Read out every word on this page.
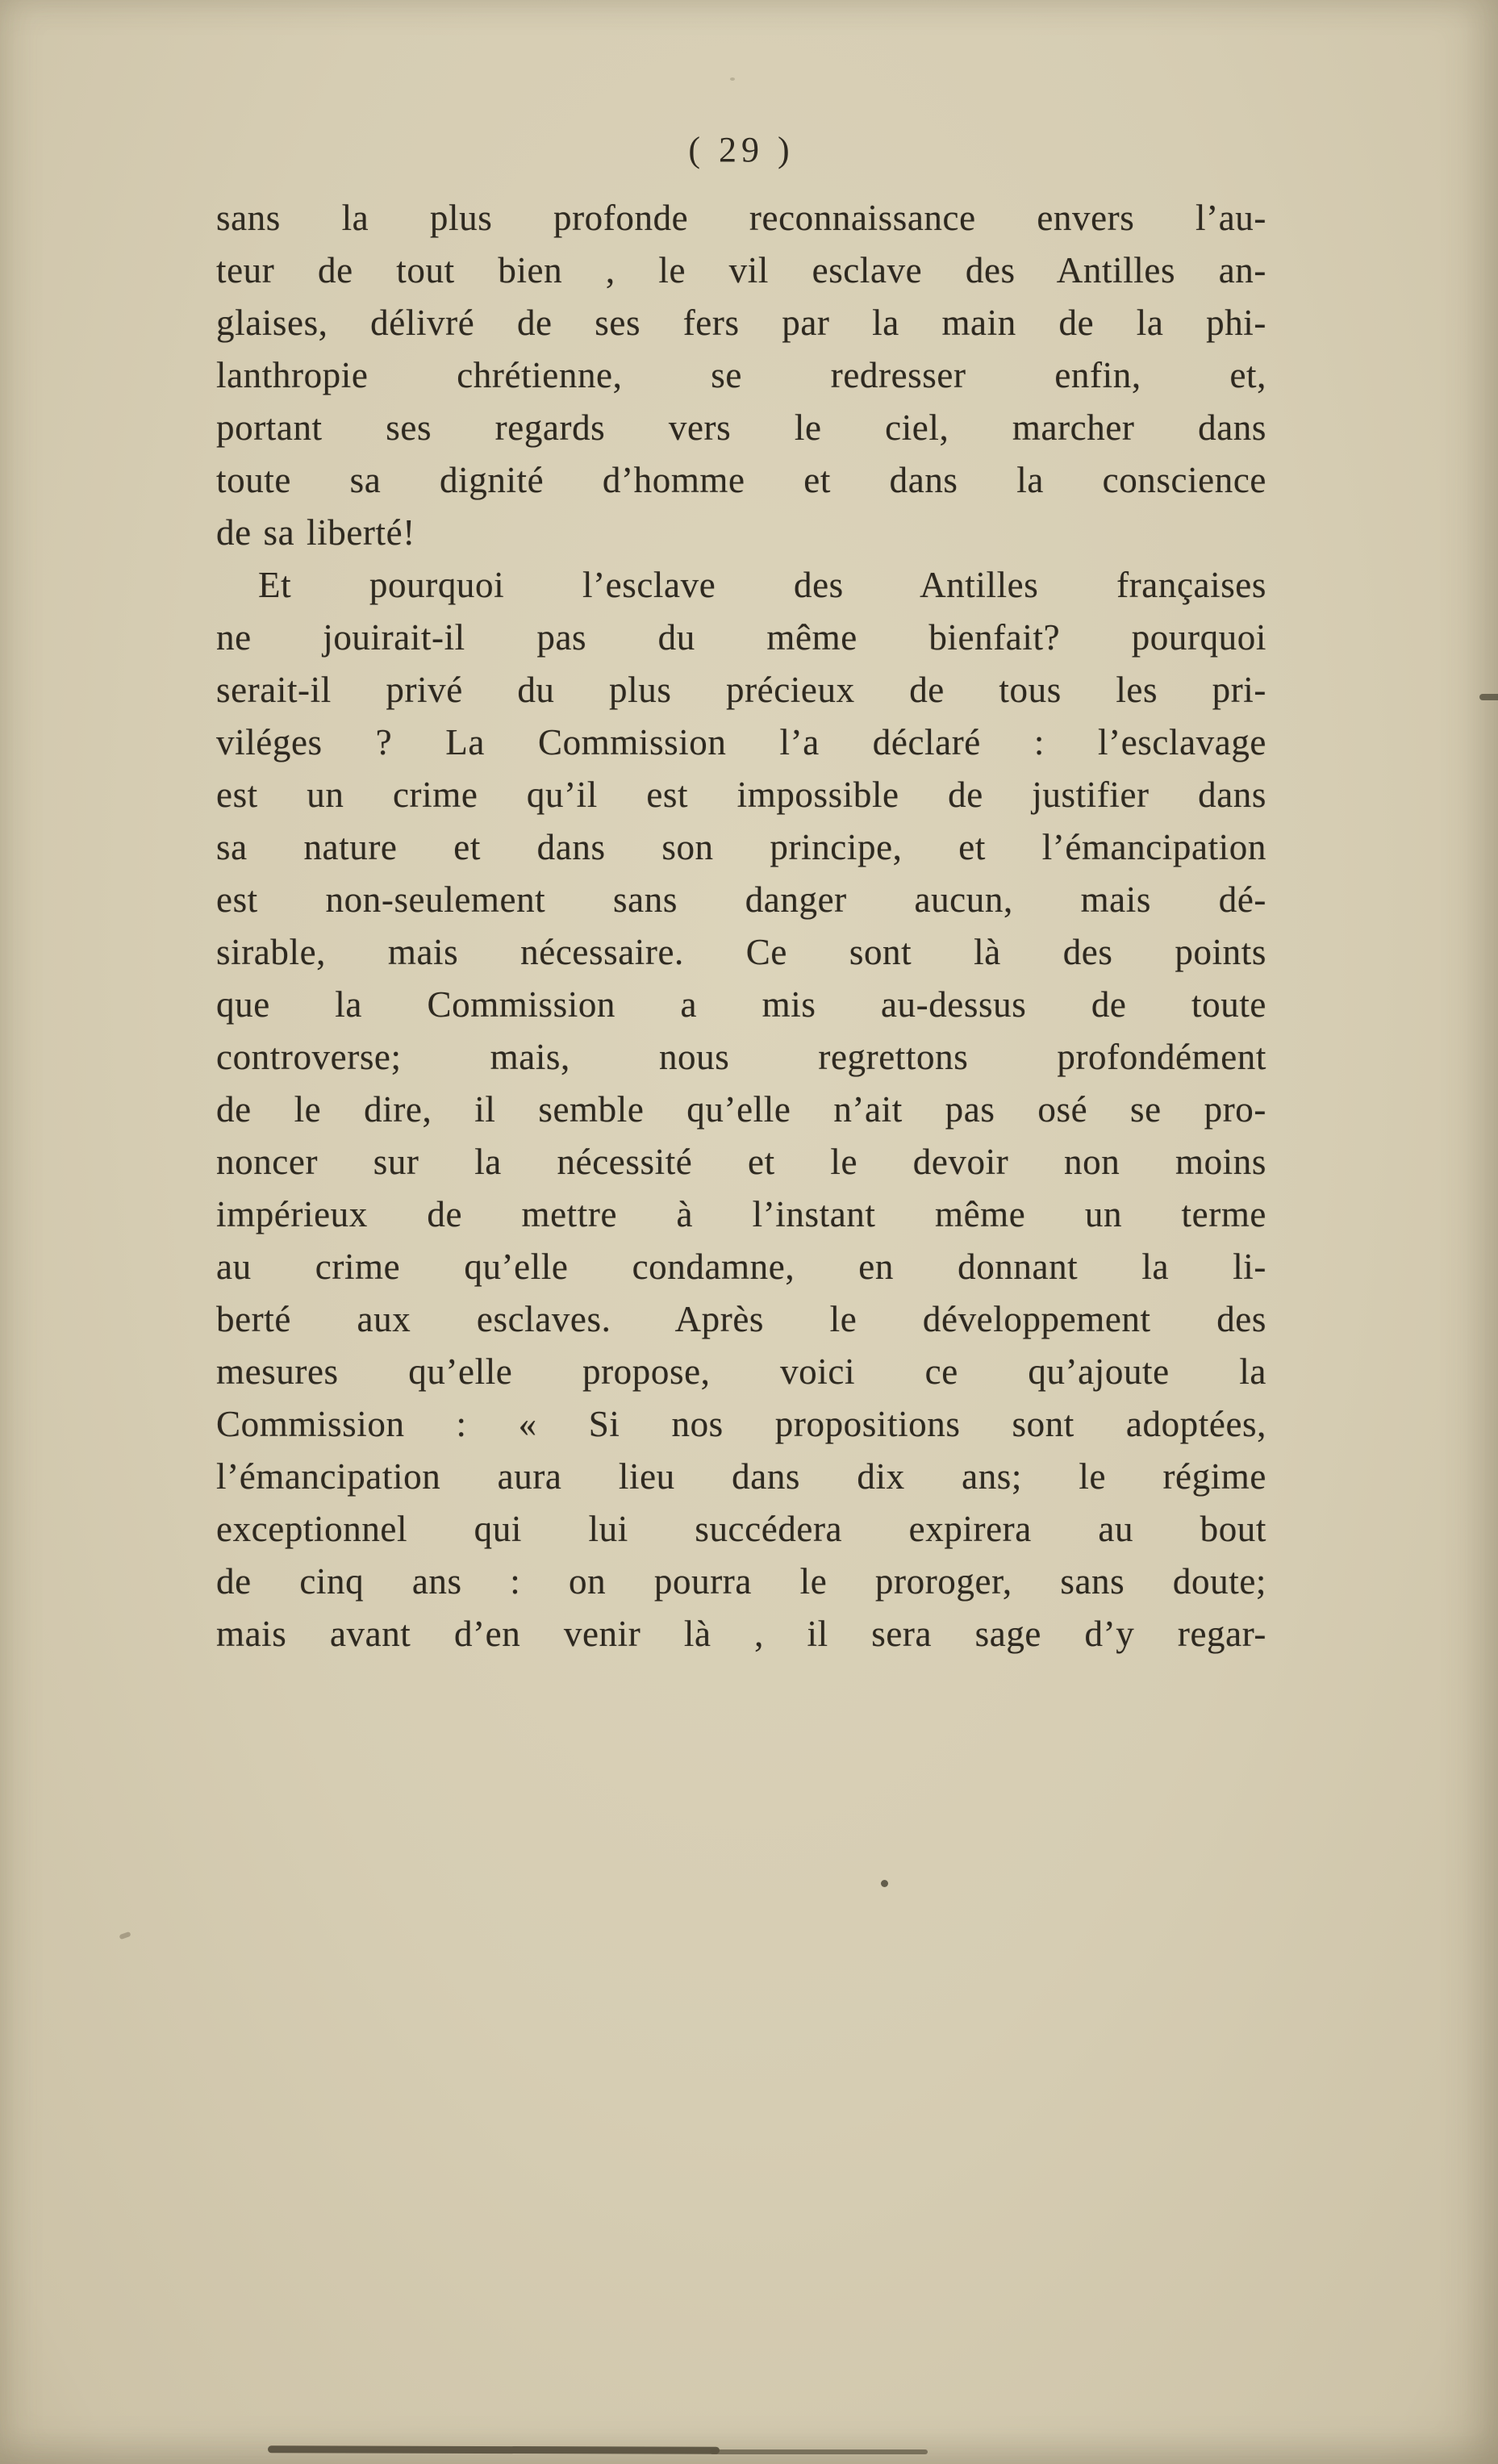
( 29 )

sans la plus profonde reconnaissance envers l’au-
teur de tout bien , le vil esclave des Antilles an-
glaises, délivré de ses fers par la main de la phi-
lanthropie chrétienne, se redresser enfin, et,
portant ses regards vers le ciel, marcher dans
toute sa dignité d’homme et dans la conscience
de sa liberté!

Et pourquoi l’esclave des Antilles françaises
ne jouirait-il pas du même bienfait? pourquoi
serait-il privé du plus précieux de tous les pri-
viléges ? La Commission l’a déclaré : l’esclavage
est un crime qu’il est impossible de justifier dans
sa nature et dans son principe, et l’émancipation
est non-seulement sans danger aucun, mais dé-
sirable, mais nécessaire. Ce sont là des points
que la Commission a mis au-dessus de toute
controverse; mais, nous regrettons profondément
de le dire, il semble qu’elle n’ait pas osé se pro-
noncer sur la nécessité et le devoir non moins
impérieux de mettre à l’instant même un terme
au crime qu’elle condamne, en donnant la li-
berté aux esclaves. Après le développement des
mesures qu’elle propose, voici ce qu’ajoute la
Commission : « Si nos propositions sont adoptées,
l’émancipation aura lieu dans dix ans; le régime
exceptionnel qui lui succédera expirera au bout
de cinq ans : on pourra le proroger, sans doute;
mais avant d’en venir là , il sera sage d’y regar-
